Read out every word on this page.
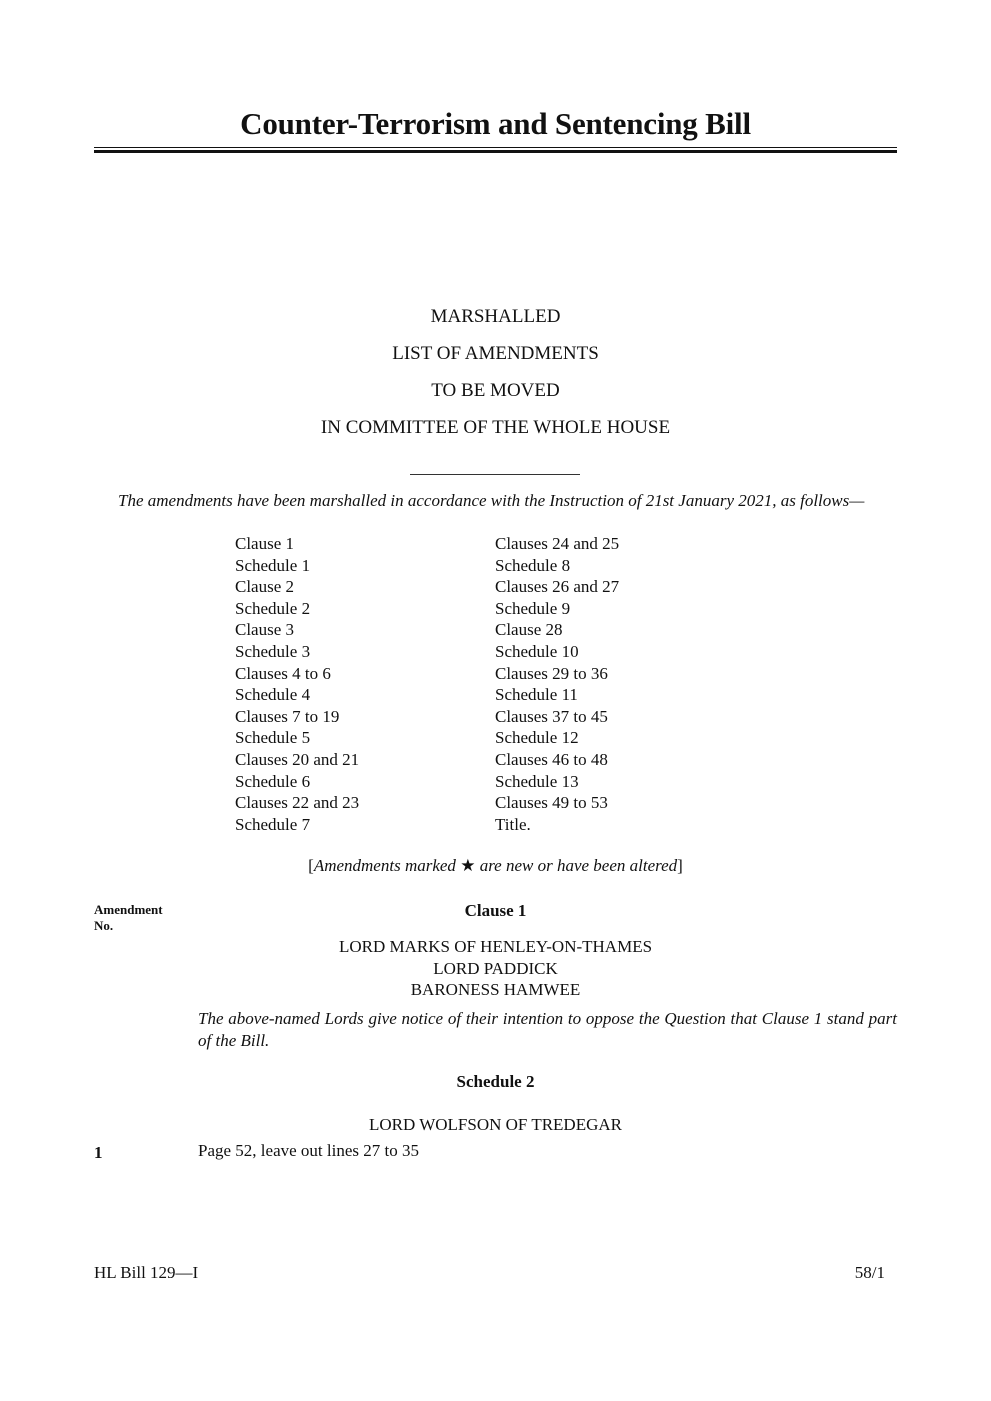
Counter-Terrorism and Sentencing Bill
MARSHALLED
LIST OF AMENDMENTS
TO BE MOVED
IN COMMITTEE OF THE WHOLE HOUSE
The amendments have been marshalled in accordance with the Instruction of 21st January 2021, as follows—
Clause 1
Schedule 1
Clause 2
Schedule 2
Clause 3
Schedule 3
Clauses 4 to 6
Schedule 4
Clauses 7 to 19
Schedule 5
Clauses 20 and 21
Schedule 6
Clauses 22 and 23
Schedule 7
Clauses 24 and 25
Schedule 8
Clauses 26 and 27
Schedule 9
Clause 28
Schedule 10
Clauses 29 to 36
Schedule 11
Clauses 37 to 45
Schedule 12
Clauses 46 to 48
Schedule 13
Clauses 49 to 53
Title.
[Amendments marked ★ are new or have been altered]
Amendment
No.
Clause 1
LORD MARKS OF HENLEY-ON-THAMES
LORD PADDICK
BARONESS HAMWEE
The above-named Lords give notice of their intention to oppose the Question that Clause 1 stand part of the Bill.
Schedule 2
LORD WOLFSON OF TREDEGAR
1	Page 52, leave out lines 27 to 35
HL Bill 129—I	58/1
